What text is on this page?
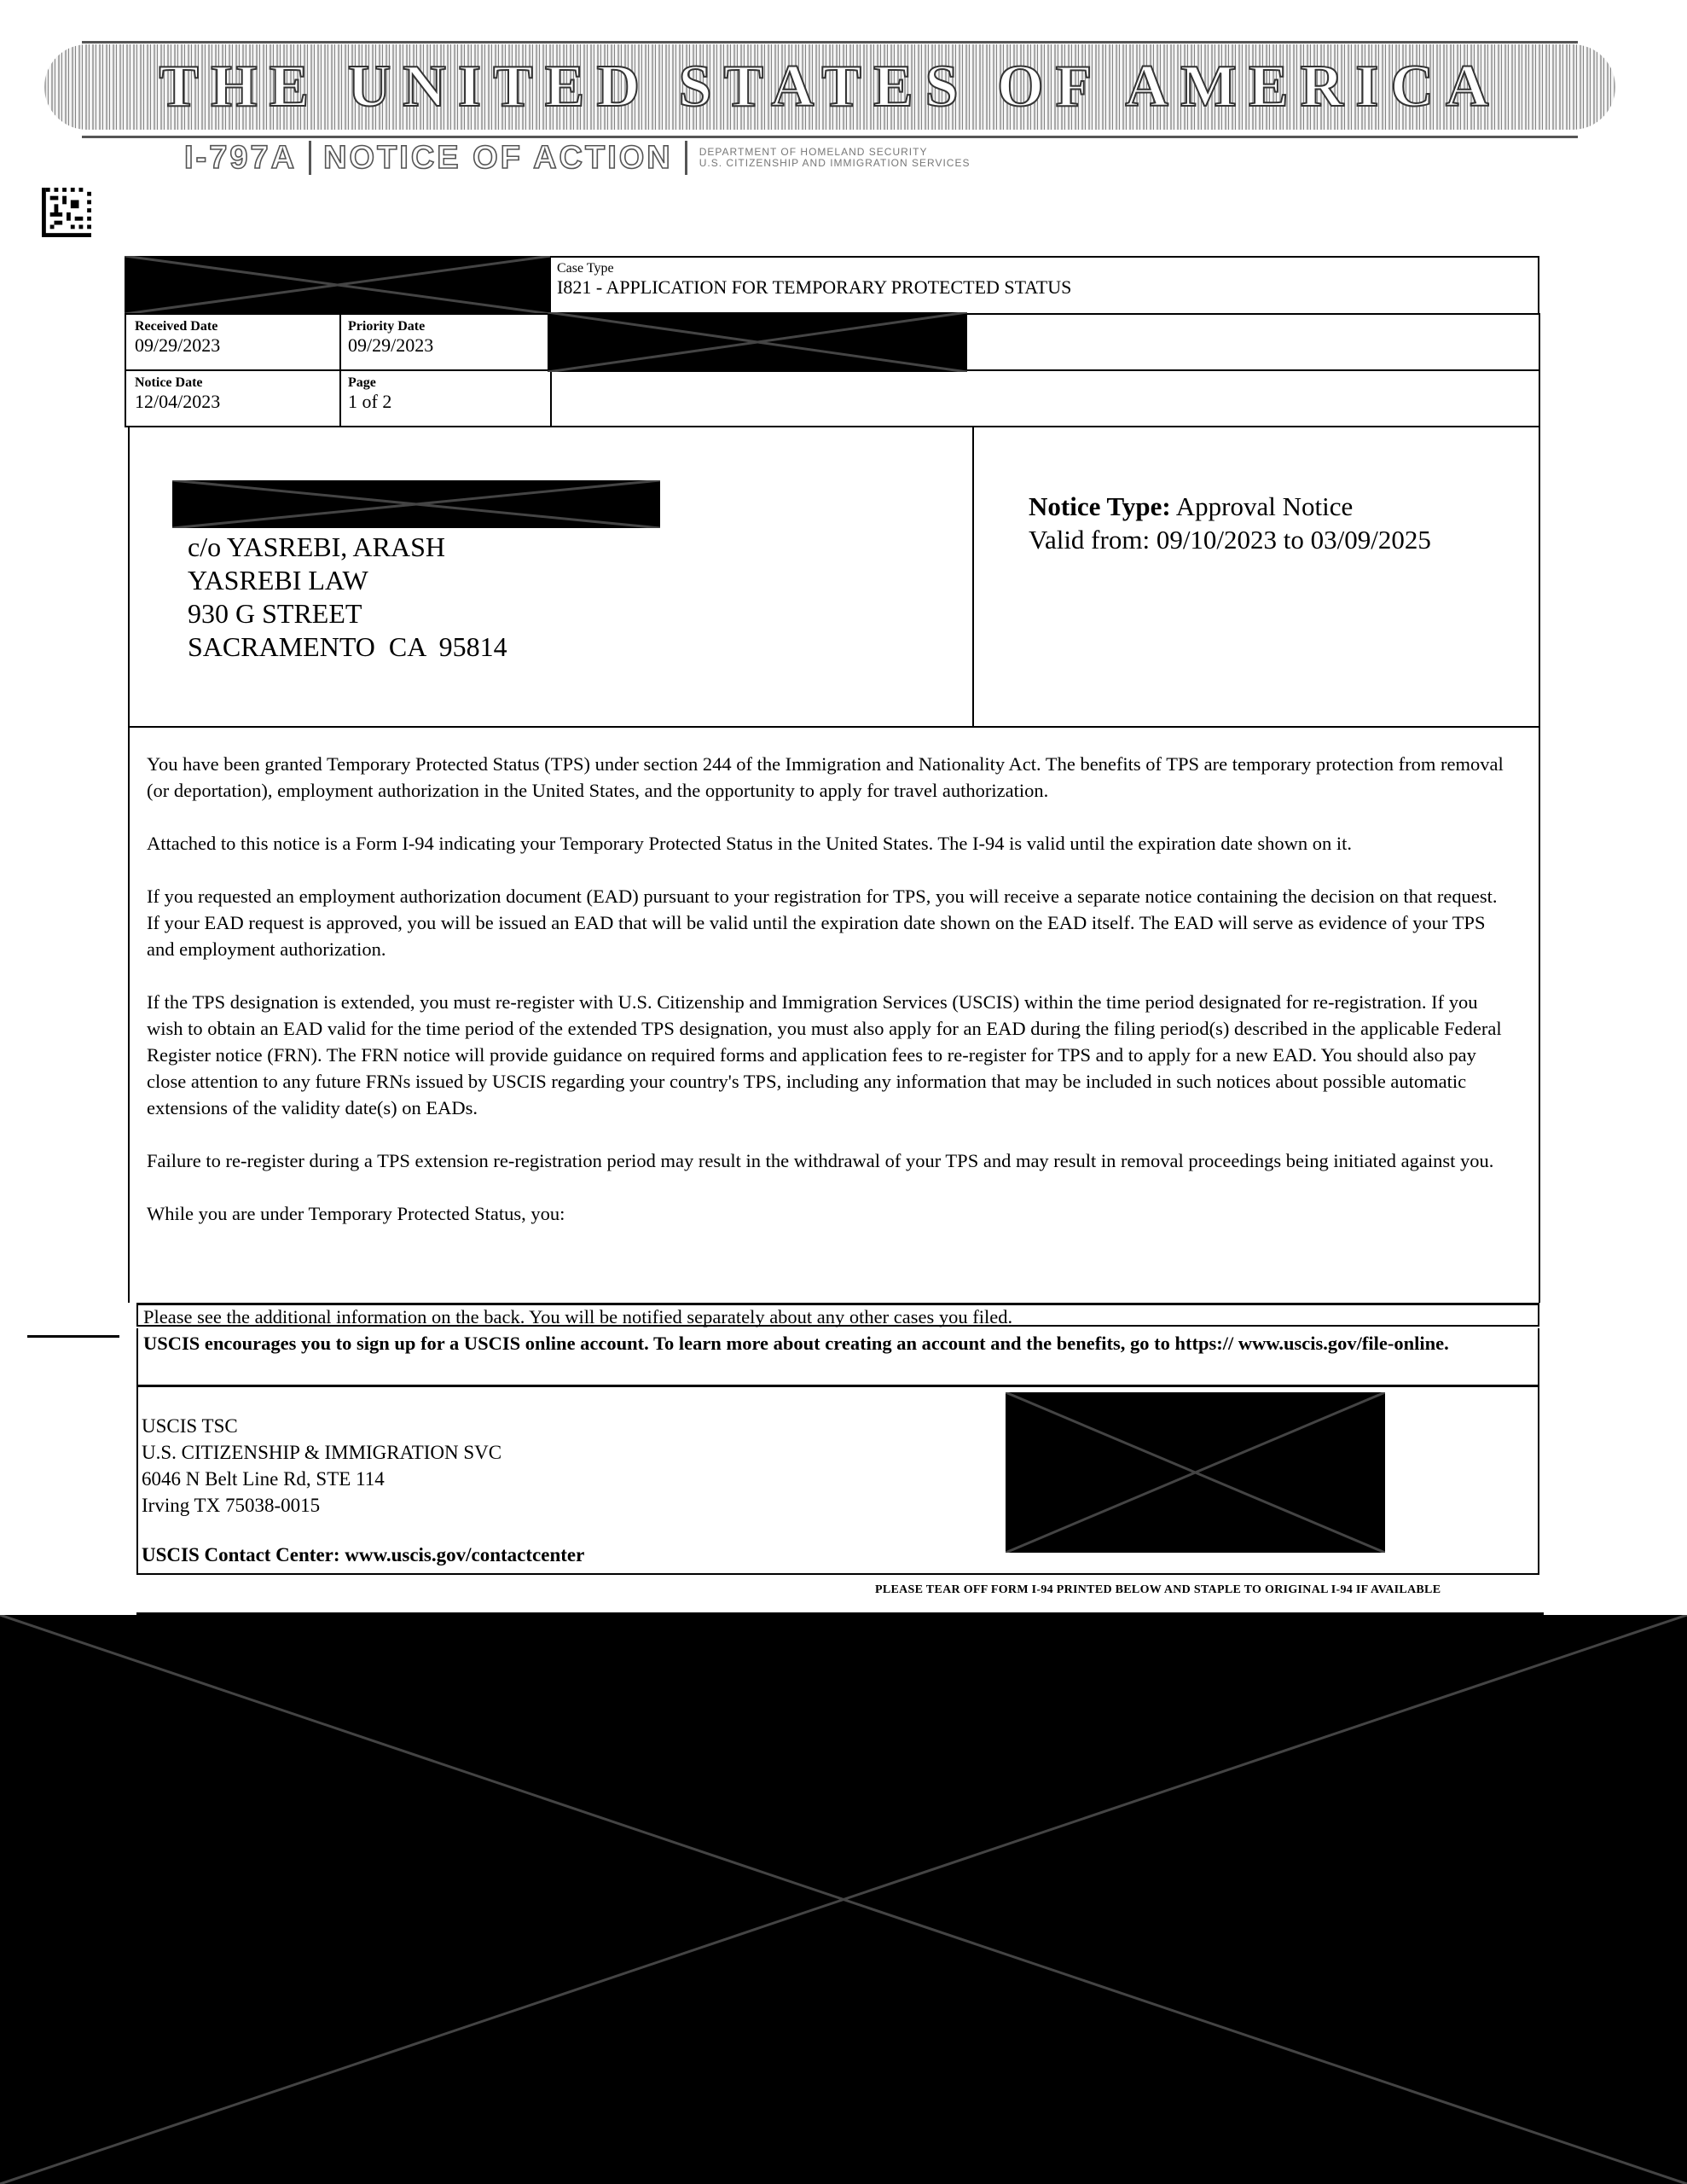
THE UNITED STATES OF AMERICA
I-797A NOTICE OF ACTION	DEPARTMENT OF HOMELAND SECURITY
U.S. CITIZENSHIP AND IMMIGRATION SERVICES
Case Type
I821 - APPLICATION FOR TEMPORARY PROTECTED STATUS
Received Date
09/29/2023
Priority Date
09/29/2023
Notice Date
12/04/2023
Page
1 of 2
c/o YASREBI, ARASH
YASREBI LAW
930 G STREET
SACRAMENTO  CA  95814
Notice Type: Approval Notice
Valid from: 09/10/2023 to 03/09/2025

You have been granted Temporary Protected Status (TPS) under section 244 of the Immigration and Nationality Act. The benefits of TPS are temporary protection from removal (or deportation), employment authorization in the United States, and the opportunity to apply for travel authorization.

Attached to this notice is a Form I-94 indicating your Temporary Protected Status in the United States. The I-94 is valid until the expiration date shown on it.

If you requested an employment authorization document (EAD) pursuant to your registration for TPS, you will receive a separate notice containing the decision on that request. If your EAD request is approved, you will be issued an EAD that will be valid until the expiration date shown on the EAD itself. The EAD will serve as evidence of your TPS and employment authorization.

If the TPS designation is extended, you must re-register with U.S. Citizenship and Immigration Services (USCIS) within the time period designated for re-registration. If you wish to obtain an EAD valid for the time period of the extended TPS designation, you must also apply for an EAD during the filing period(s) described in the applicable Federal Register notice (FRN). The FRN notice will provide guidance on required forms and application fees to re-register for TPS and to apply for a new EAD. You should also pay close attention to any future FRNs issued by USCIS regarding your country's TPS, including any information that may be included in such notices about possible automatic extensions of the validity date(s) on EADs.

Failure to re-register during a TPS extension re-registration period may result in the withdrawal of your TPS and may result in removal proceedings being initiated against you.

While you are under Temporary Protected Status, you:

Please see the additional information on the back. You will be notified separately about any other cases you filed.
USCIS encourages you to sign up for a USCIS online account. To learn more about creating an account and the benefits, go to https:// www.uscis.gov/file-online.
USCIS TSC
U.S. CITIZENSHIP & IMMIGRATION SVC
6046 N Belt Line Rd, STE 114
Irving TX 75038-0015
USCIS Contact Center: www.uscis.gov/contactcenter
PLEASE TEAR OFF FORM I-94 PRINTED BELOW AND STAPLE TO ORIGINAL I-94 IF AVAILABLE
